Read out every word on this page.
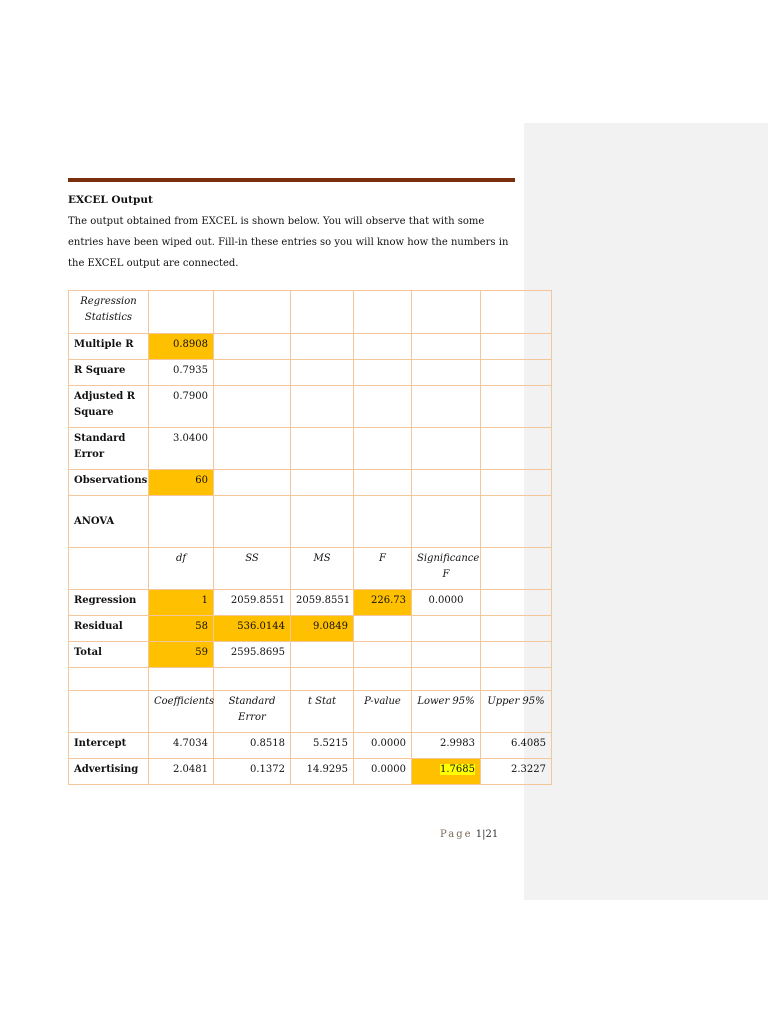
EXCEL Output

The output obtained from EXCEL is shown below. You will observe that with some entries have been wiped out. Fill-in these entries so you will know how the numbers in the EXCEL output are connected.

Regression Statistics						
Multiple R	0.8908					
R Square	0.7935					
Adjusted R Square	0.7900					
Standard Error	3.0400					
Observations	60					
ANOVA						
	df	SS	MS	F	Significance F	
Regression	1	2059.8551	2059.8551	226.73	0.0000	
Residual	58	536.0144	9.0849			
Total	59	2595.8695				

	Coefficients	Standard Error	t Stat	P-value	Lower 95%	Upper 95%
Intercept	4.7034	0.8518	5.5215	0.0000	2.9983	6.4085
Advertising	2.0481	0.1372	14.9295	0.0000	1.7685	2.3227
Page 1|21
